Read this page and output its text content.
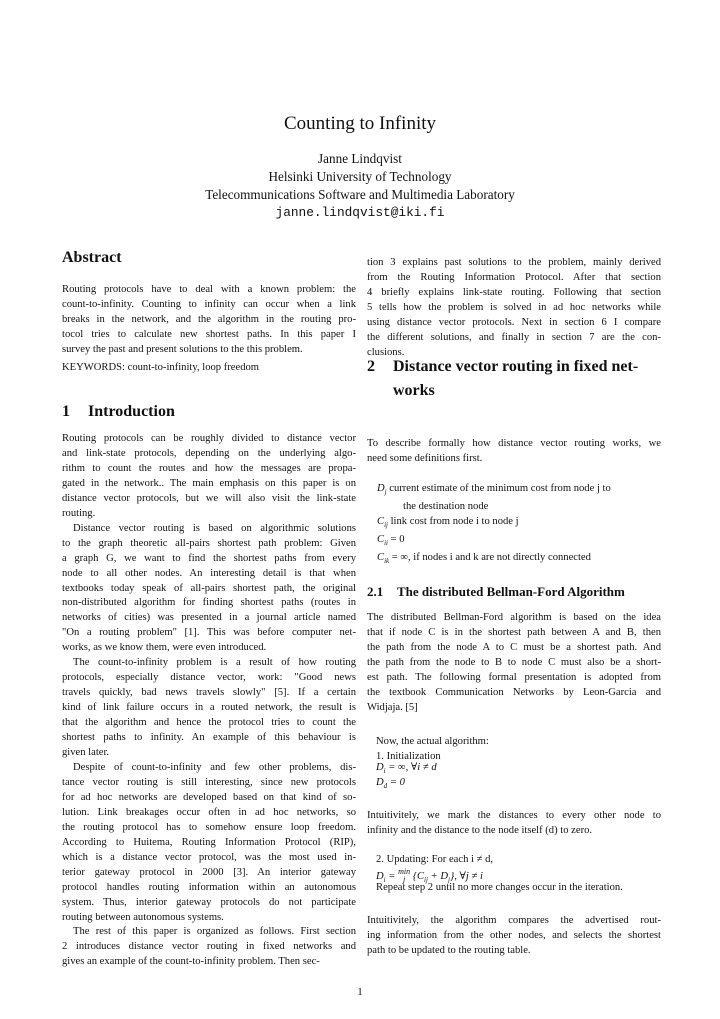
Counting to Infinity
Janne Lindqvist
Helsinki University of Technology
Telecommunications Software and Multimedia Laboratory
janne.lindqvist@iki.fi
Abstract
Routing protocols have to deal with a known problem: the
count-to-infinity. Counting to infinity can occur when a link
breaks in the network, and the algorithm in the routing pro-
tocol tries to calculate new shortest paths. In this paper I
survey the past and present solutions to the this problem.
KEYWORDS: count-to-infinity, loop freedom
1 Introduction
Routing protocols can be roughly divided to distance vector
and link-state protocols, depending on the underlying algo-
rithm to count the routes and how the messages are propa-
gated in the network.. The main emphasis on this paper is on
distance vector protocols, but we will also visit the link-state
routing.
Distance vector routing is based on algorithmic solutions
to the graph theoretic all-pairs shortest path problem: Given
a graph G, we want to find the shortest paths from every
node to all other nodes. An interesting detail is that when
textbooks today speak of all-pairs shortest path, the original
non-distributed algorithm for finding shortest paths (routes in
networks of cities) was presented in a journal article named
"On a routing problem" [1]. This was before computer net-
works, as we know them, were even introduced.
The count-to-infinity problem is a result of how routing
protocols, especially distance vector, work: "Good news
travels quickly, bad news travels slowly" [5]. If a certain
kind of link failure occurs in a routed network, the result is
that the algorithm and hence the protocol tries to count the
shortest paths to infinity. An example of this behaviour is
given later.
Despite of count-to-infinity and few other problems, dis-
tance vector routing is still interesting, since new protocols
for ad hoc networks are developed based on that kind of so-
lution. Link breakages occur often in ad hoc networks, so
the routing protocol has to somehow ensure loop freedom.
According to Huitema, Routing Information Protocol (RIP),
which is a distance vector protocol, was the most used in-
terior gateway protocol in 2000 [3]. An interior gateway
protocol handles routing information within an autonomous
system. Thus, interior gateway protocols do not participate
routing between autonomous systems.
The rest of this paper is organized as follows. First section
2 introduces distance vector routing in fixed networks and
gives an example of the count-to-infinity problem. Then sec-
tion 3 explains past solutions to the problem, mainly derived
from the Routing Information Protocol. After that section
4 briefly explains link-state routing. Following that section
5 tells how the problem is solved in ad hoc networks while
using distance vector protocols. Next in section 6 I compare
the different solutions, and finally in section 7 are the con-
clusions.
2 Distance vector routing in fixed net-
works
To describe formally how distance vector routing works, we
need some definitions first.
$D_j$ current estimate of the minimum cost from node j to
the destination node
$C_{ij}$ link cost from node i to node j
$C_{ii} = 0$
$C_{ik}$ = ∞, if nodes i and k are not directly connected
2.1 The distributed Bellman-Ford Algorithm
The distributed Bellman-Ford algorithm is based on the idea
that if node C is in the shortest path between A and B, then
the path from the node A to C must be a shortest path. And
the path from the node to B to node C must also be a short-
est path. The following formal presentation is adopted from
the textbook Communication Networks by Leon-Garcia and
Widjaja. [5]
Now, the actual algorithm:
1. Initialization
$D_i$ = ∞, ∀i ≠ d
$D_d = 0$
Intuitivitely, we mark the distances to every other node to
infinity and the distance to the node itself (d) to zero.
2. Updating: For each i ≠ d,
$D_i = \min$
j $\{C_{ij} + D_j\}$, ∀j ≠ i
Repeat step 2 until no more changes occur in the iteration.
Intuitivitely, the algorithm compares the advertised rout-
ing information from the other nodes, and selects the shortest
path to be updated to the routing table.
1
